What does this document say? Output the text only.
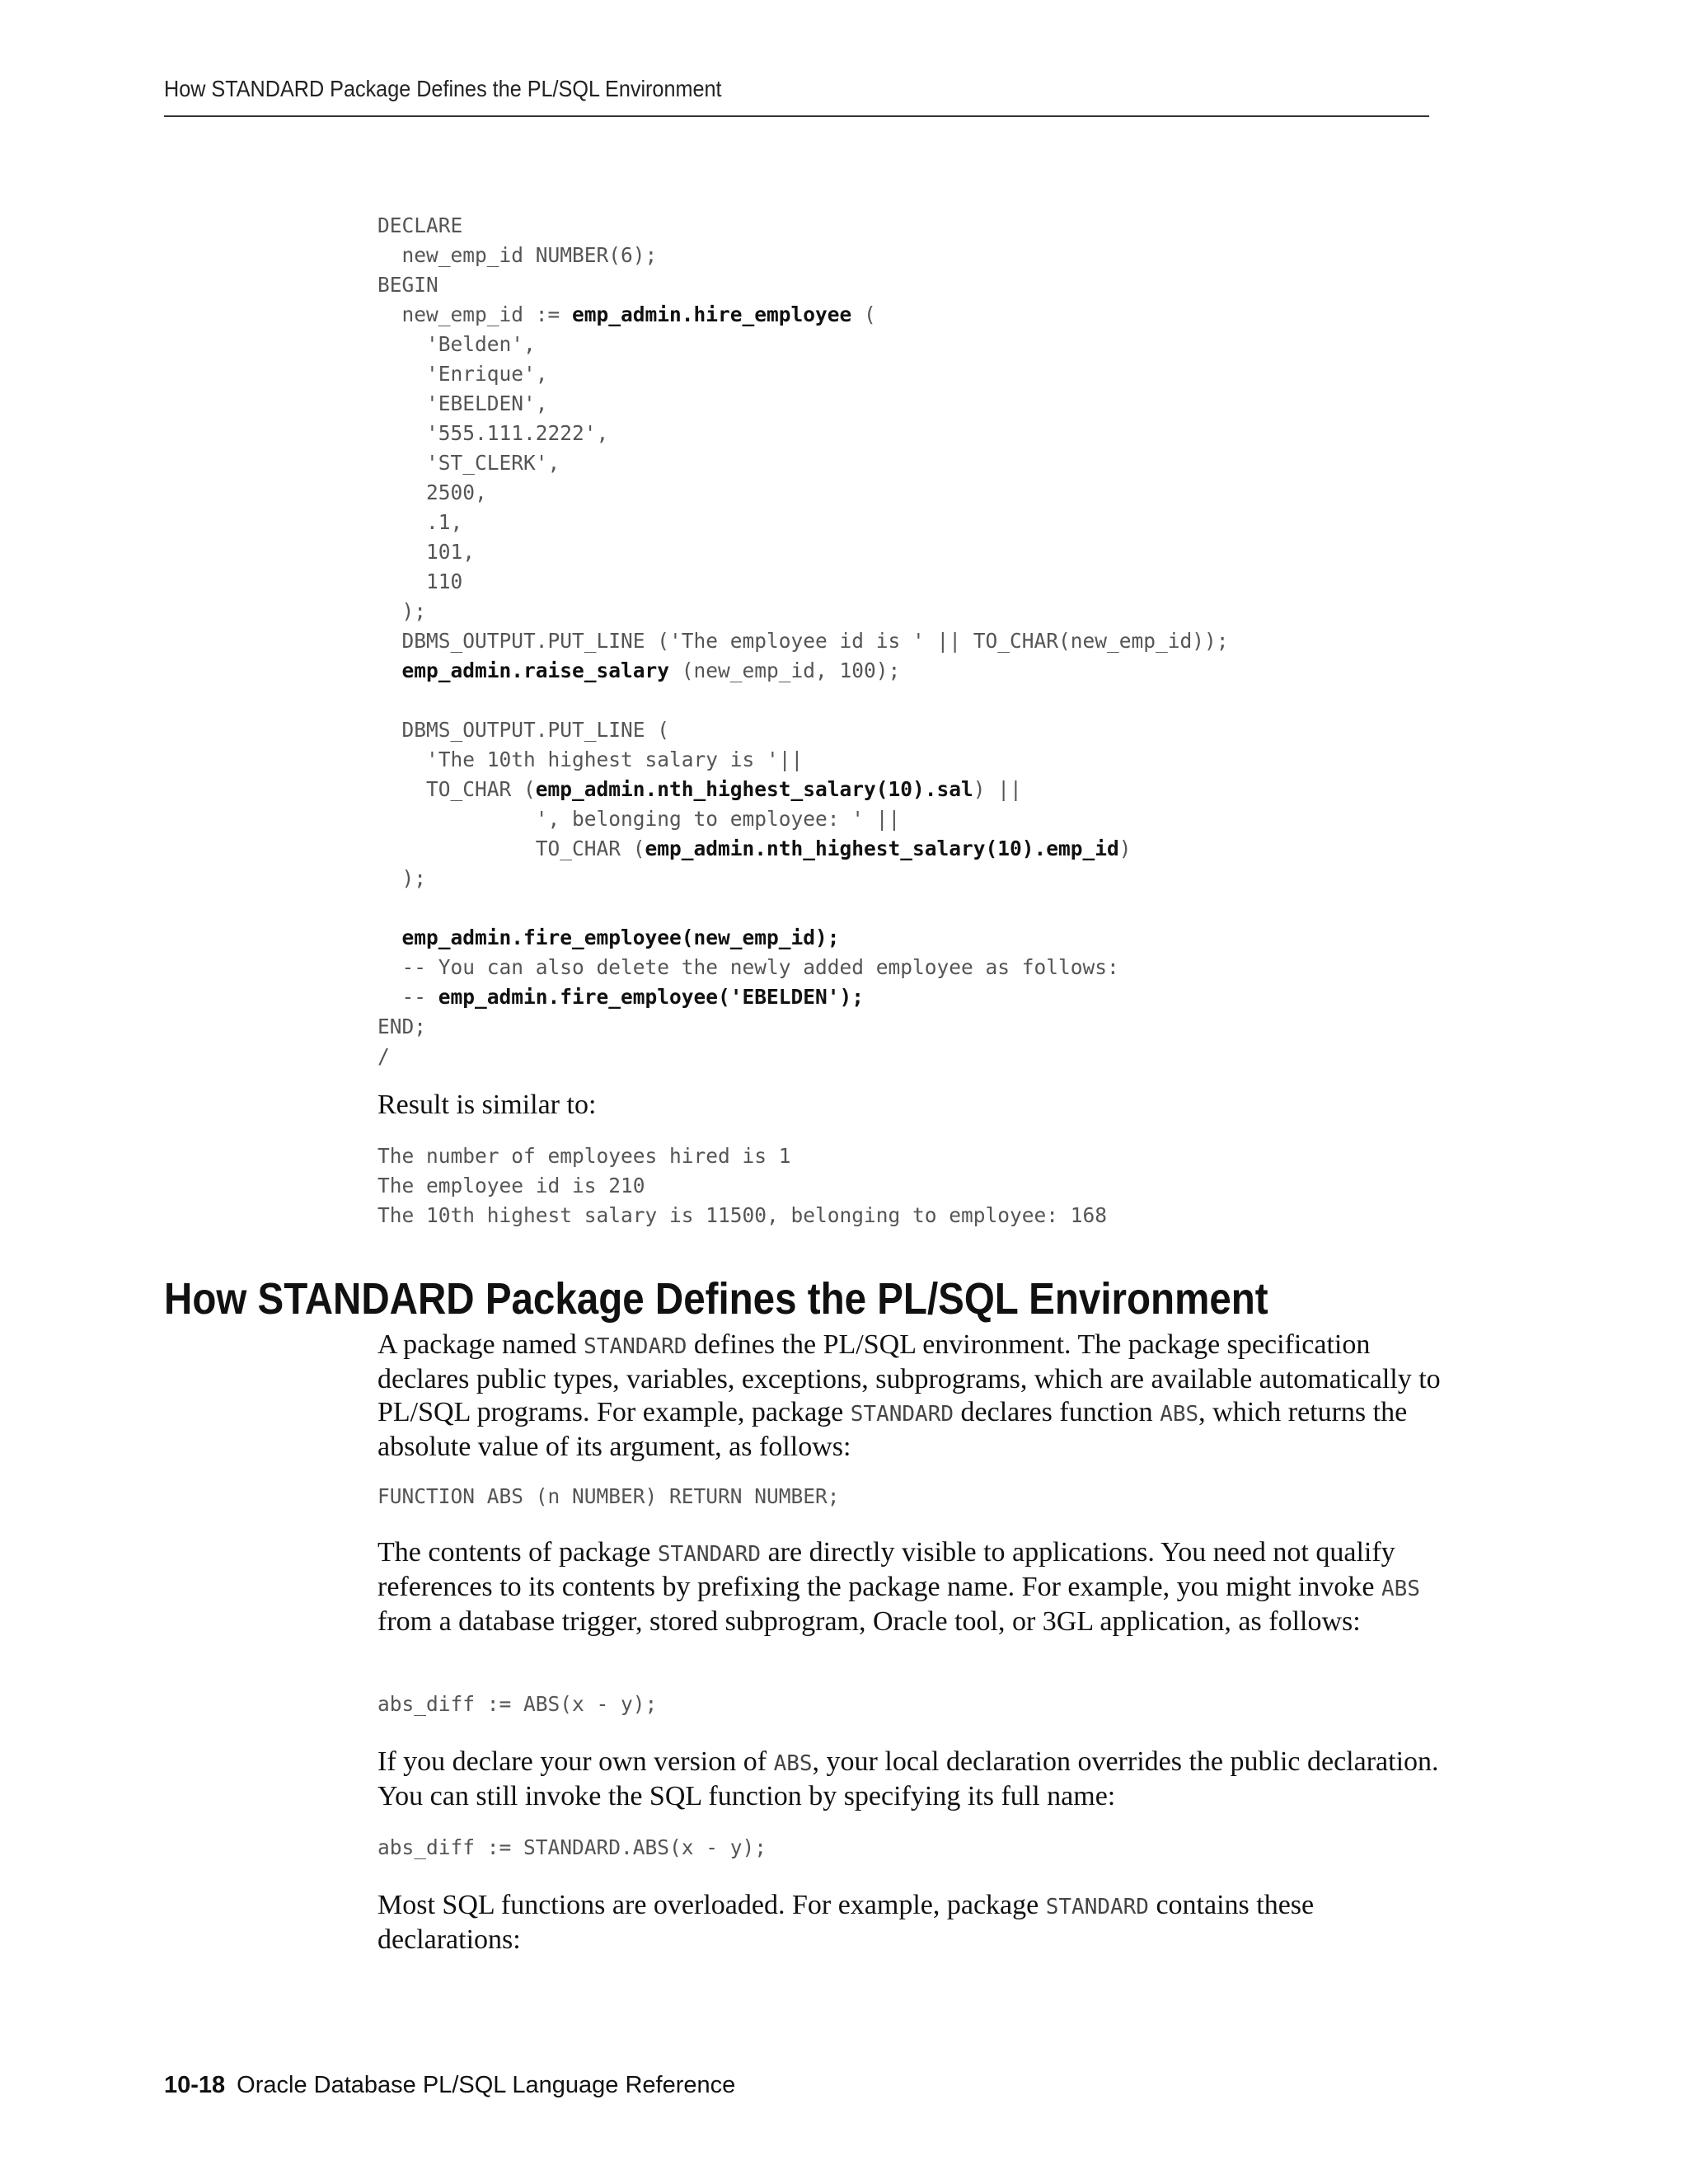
How STANDARD Package Defines the PL/SQL Environment
DECLARE
new_emp_id NUMBER(6);
BEGIN
new_emp_id := emp_admin.hire_employee (
'Belden',
'Enrique',
'EBELDEN',
'555.111.2222',
'ST_CLERK',
2500,
.1,
101,
110
);
DBMS_OUTPUT.PUT_LINE ('The employee id is ' || TO_CHAR(new_emp_id));
emp_admin.raise_salary (new_emp_id, 100);
DBMS_OUTPUT.PUT_LINE (
'The 10th highest salary is '||
TO_CHAR (emp_admin.nth_highest_salary(10).sal) ||
', belonging to employee: ' ||
TO_CHAR (emp_admin.nth_highest_salary(10).emp_id)
);
emp_admin.fire_employee(new_emp_id);
-- You can also delete the newly added employee as follows:
-- emp_admin.fire_employee('EBELDEN');
END;
/

Result is similar to:

The number of employees hired is 1
The employee id is 210
The 10th highest salary is 11500, belonging to employee: 168
How STANDARD Package Defines the PL/SQL Environment

A package named STANDARD defines the PL/SQL environment. The package specification declares public types, variables, exceptions, subprograms, which are available automatically to PL/SQL programs. For example, package STANDARD declares function ABS, which returns the absolute value of its argument, as follows:

FUNCTION ABS (n NUMBER) RETURN NUMBER;

The contents of package STANDARD are directly visible to applications. You need not qualify references to its contents by prefixing the package name. For example, you might invoke ABS from a database trigger, stored subprogram, Oracle tool, or 3GL application, as follows:

abs_diff := ABS(x - y);

If you declare your own version of ABS, your local declaration overrides the public declaration. You can still invoke the SQL function by specifying its full name:

abs_diff := STANDARD.ABS(x - y);

Most SQL functions are overloaded. For example, package STANDARD contains these declarations:

10-18 Oracle Database PL/SQL Language Reference
